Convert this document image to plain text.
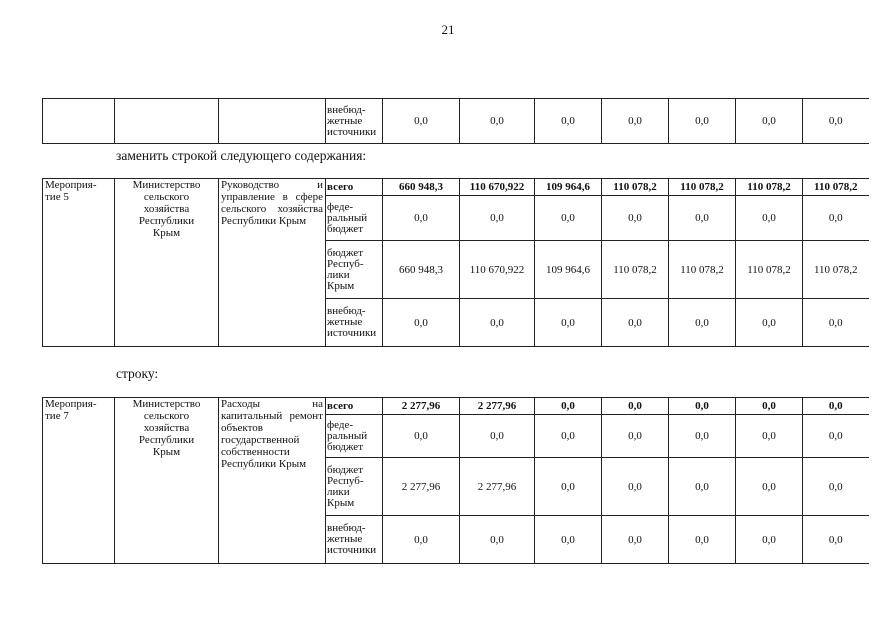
21
			внебюд-
жетные
источники	0,0	0,0	0,0	0,0	0,0	0,0	0,0
заменить строкой следующего содержания:
Мероприя-
тие 5	Министерство
сельского
хозяйства
Республики
Крым	Руководство и управление в сфере сельского хозяйства Республики Крым	всего	660 948,3	110 670,922	109 964,6	110 078,2	110 078,2	110 078,2	110 078,2
			феде-
ральный
бюджет	0,0	0,0	0,0	0,0	0,0	0,0	0,0
			бюджет
Респуб-
лики
Крым	660 948,3	110 670,922	109 964,6	110 078,2	110 078,2	110 078,2	110 078,2
			внебюд-
жетные
источники	0,0	0,0	0,0	0,0	0,0	0,0	0,0
строку:
Мероприя-
тие 7	Министерство
сельского
хозяйства
Республики
Крым	Расходы на капитальный ремонт объектов государственной собственности Республики Крым	всего	2 277,96	2 277,96	0,0	0,0	0,0	0,0	0,0
			феде-
ральный
бюджет	0,0	0,0	0,0	0,0	0,0	0,0	0,0
			бюджет
Респуб-
лики
Крым	2 277,96	2 277,96	0,0	0,0	0,0	0,0	0,0
			внебюд-
жетные
источники	0,0	0,0	0,0	0,0	0,0	0,0	0,0
